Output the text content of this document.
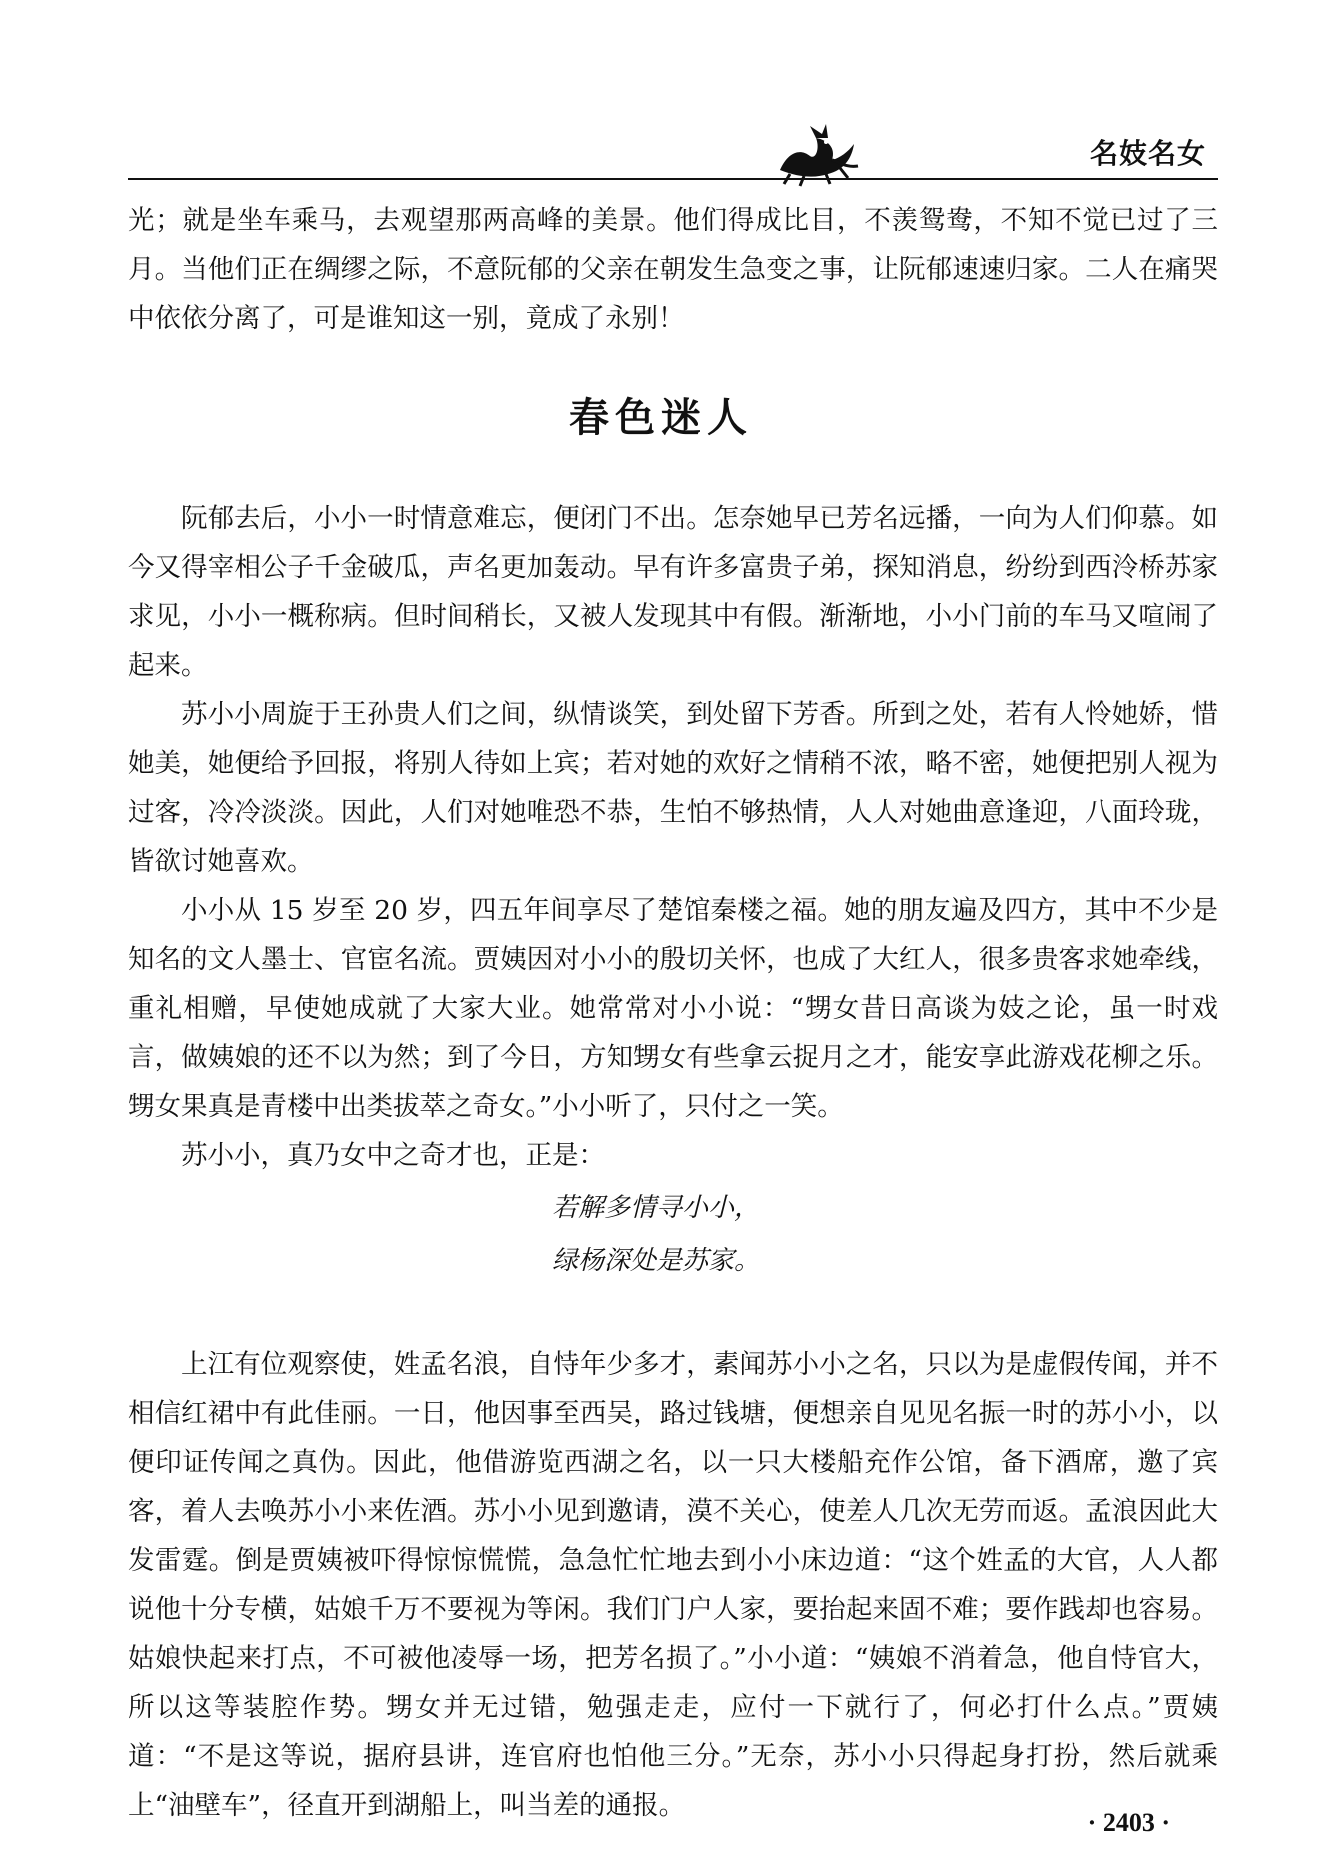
名妓名女

光；就是坐车乘马，去观望那两高峰的美景。他们得成比目，不羡鸳鸯，不知不觉已过了三月。当他们正在绸缪之际，不意阮郁的父亲在朝发生急变之事，让阮郁速速归家。二人在痛哭中依依分离了，可是谁知这一别，竟成了永别！

春色迷人

阮郁去后，小小一时情意难忘，便闭门不出。怎奈她早已芳名远播，一向为人们仰慕。如今又得宰相公子千金破瓜，声名更加轰动。早有许多富贵子弟，探知消息，纷纷到西泠桥苏家求见，小小一概称病。但时间稍长，又被人发现其中有假。渐渐地，小小门前的车马又喧闹了起来。

苏小小周旋于王孙贵人们之间，纵情谈笑，到处留下芳香。所到之处，若有人怜她娇，惜她美，她便给予回报，将别人待如上宾；若对她的欢好之情稍不浓，略不密，她便把别人视为过客，冷冷淡淡。因此，人们对她唯恐不恭，生怕不够热情，人人对她曲意逢迎，八面玲珑，皆欲讨她喜欢。

小小从 15 岁至 20 岁，四五年间享尽了楚馆秦楼之福。她的朋友遍及四方，其中不少是知名的文人墨士、官宦名流。贾姨因对小小的殷切关怀，也成了大红人，很多贵客求她牵线，重礼相赠，早使她成就了大家大业。她常常对小小说：“甥女昔日高谈为妓之论，虽一时戏言，做姨娘的还不以为然；到了今日，方知甥女有些拿云捉月之才，能安享此游戏花柳之乐。甥女果真是青楼中出类拔萃之奇女。”小小听了，只付之一笑。

苏小小，真乃女中之奇才也，正是：

若解多情寻小小，
绿杨深处是苏家。

上江有位观察使，姓孟名浪，自恃年少多才，素闻苏小小之名，只以为是虚假传闻，并不相信红裙中有此佳丽。一日，他因事至西吴，路过钱塘，便想亲自见见名振一时的苏小小，以便印证传闻之真伪。因此，他借游览西湖之名，以一只大楼船充作公馆，备下酒席，邀了宾客，着人去唤苏小小来佐酒。苏小小见到邀请，漠不关心，使差人几次无劳而返。孟浪因此大发雷霆。倒是贾姨被吓得惊惊慌慌，急急忙忙地去到小小床边道：“这个姓孟的大官，人人都说他十分专横，姑娘千万不要视为等闲。我们门户人家，要抬起来固不难；要作践却也容易。姑娘快起来打点，不可被他凌辱一场，把芳名损了。”小小道：“姨娘不消着急，他自恃官大，所以这等装腔作势。甥女并无过错，勉强走走，应付一下就行了，何必打什么点。”贾姨道：“不是这等说，据府县讲，连官府也怕他三分。”无奈，苏小小只得起身打扮，然后就乘上“油壁车”，径直开到湖船上，叫当差的通报。

· 2403 ·
